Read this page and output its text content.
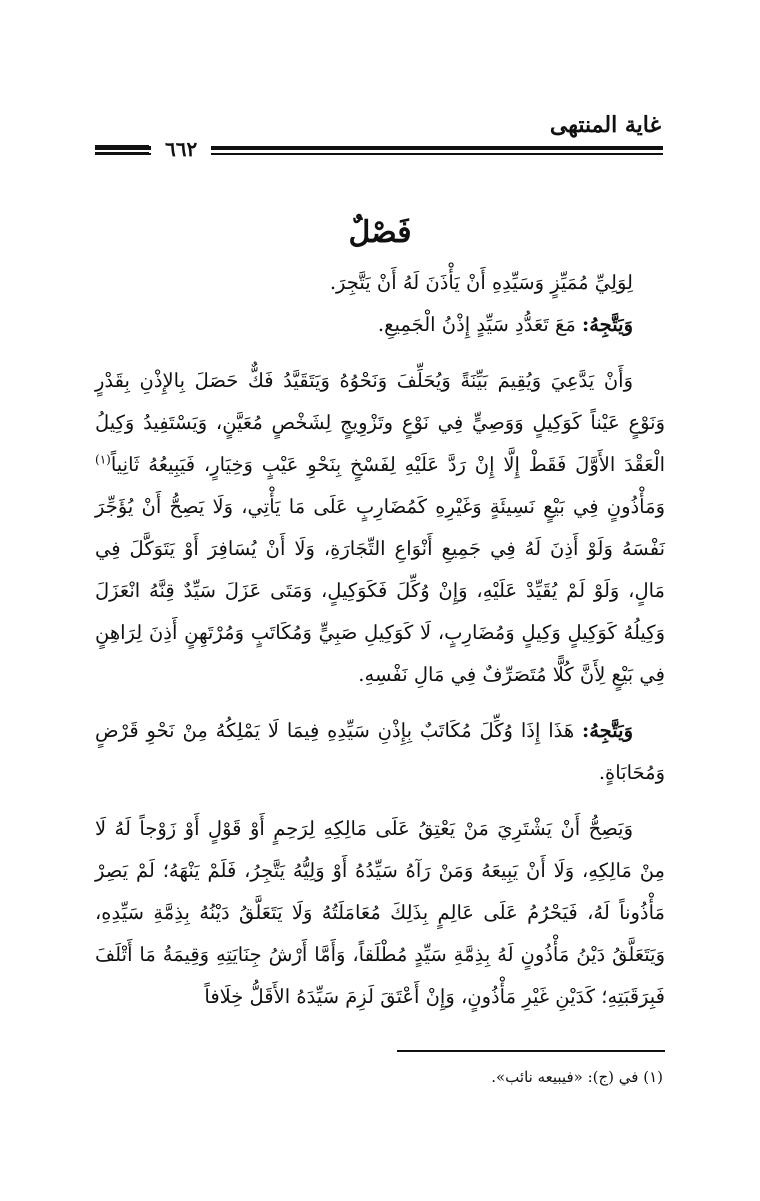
غاية المنتهى
٦٦٢
فَصْلٌ

لِوَلِيِّ مُمَيِّزٍ وَسَيِّدِهِ أَنْ يَأْذَنَ لَهُ أَنْ يَتَّجِرَ.

وَيَتَّجِهُ: مَعَ تَعَدُّدِ سَيِّدٍ إِذْنُ الْجَمِيعِ.

وَأَنْ يَدَّعِيَ وَيُقِيمَ بَيِّنَةً وَيُحَلِّفَ وَنَحْوُهُ وَيَتَقَيَّدُ فَكٌّ حَصَلَ بِالإِذْنِ بِقَدْرٍ وَنَوْعٍ عَيْناً كَوَكِيلٍ وَوَصِيٍّ فِي نَوْعٍ وتَزْوِيجٍ لِشَخْصٍ مُعَيَّنٍ، وَيَسْتَفِيدُ وَكِيلُ الْعَقْدَ الأَوَّلَ فَقَطْ إِلَّا إِنْ رَدَّ عَلَيْهِ لِفَسْخٍ بِنَحْوِ عَيْبٍ وَخِيَارٍ، فَيَبِيعُهُ ثَانِياً$^{(١)}$ وَمَأْذُونٍ فِي بَيْعٍ نَسِيئَةٍ وَغَيْرِهِ كَمُضَارِبٍ عَلَى مَا يَأْتِي، وَلَا يَصِحُّ أَنْ يُؤَجِّرَ نَفْسَهُ وَلَوْ أَذِنَ لَهُ فِي جَمِيعِ أَنْوَاعِ التِّجَارَةِ، وَلَا أَنْ يُسَافِرَ أَوْ يَتَوَكَّلَ فِي مَالٍ، وَلَوْ لَمْ يُقَيِّدْ عَلَيْهِ، وَإِنْ وُكِّلَ فَكَوَكِيلٍ، وَمَتَى عَزَلَ سَيِّدٌ قِنَّهُ انْعَزَلَ وَكِيلُهُ كَوَكِيلٍ وَكِيلٍ وَمُضَارِبٍ، لَا كَوَكِيلِ صَبِيٍّ وَمُكَاتَبٍ وَمُرْتَهِنٍ أَذِنَ لِرَاهِنٍ فِي بَيْعٍ لِأَنَّ كُلًّا مُتَصَرِّفٌ فِي مَالِ نَفْسِهِ.

وَيَتَّجِهُ: هَذَا إِذَا وُكِّلَ مُكَاتَبٌ بِإِذْنِ سَيِّدِهِ فِيمَا لَا يَمْلِكُهُ مِنْ نَحْوِ قَرْضٍ وَمُحَابَاةٍ.

وَيَصِحُّ أَنْ يَشْتَرِيَ مَنْ يَعْتِقُ عَلَى مَالِكِهِ لِرَحِمٍ أَوْ قَوْلٍ أَوْ زَوْجاً لَهُ لَا مِنْ مَالِكِهِ، وَلَا أَنْ يَبِيعَهُ وَمَنْ رَآهُ سَيِّدُهُ أَوْ وَلِيُّهُ يَتَّجِرُ، فَلَمْ يَنْهَهُ؛ لَمْ يَصِرْ مَأْذُوناً لَهُ، فَيَحْرُمُ عَلَى عَالِمٍ بِذَلِكَ مُعَامَلَتُهُ وَلَا يَتَعَلَّقُ دَيْنُهُ بِذِمَّةِ سَيِّدِهِ، وَيَتَعَلَّقُ دَيْنُ مَأْذُونٍ لَهُ بِذِمَّةِ سَيِّدٍ مُطْلَقاً، وَأَمَّا أَرْشُ جِنَايَتِهِ وَقِيمَةُ مَا أَتْلَفَ فَبِرَقَبَتِهِ؛ كَدَيْنِ غَيْرِ مَأْذُونٍ، وَإِنْ أَعْتَقَ لَزِمَ سَيِّدَهُ الأَقَلُّ خِلَافاً

(١) في (ج): «فيبيعه نائب».
